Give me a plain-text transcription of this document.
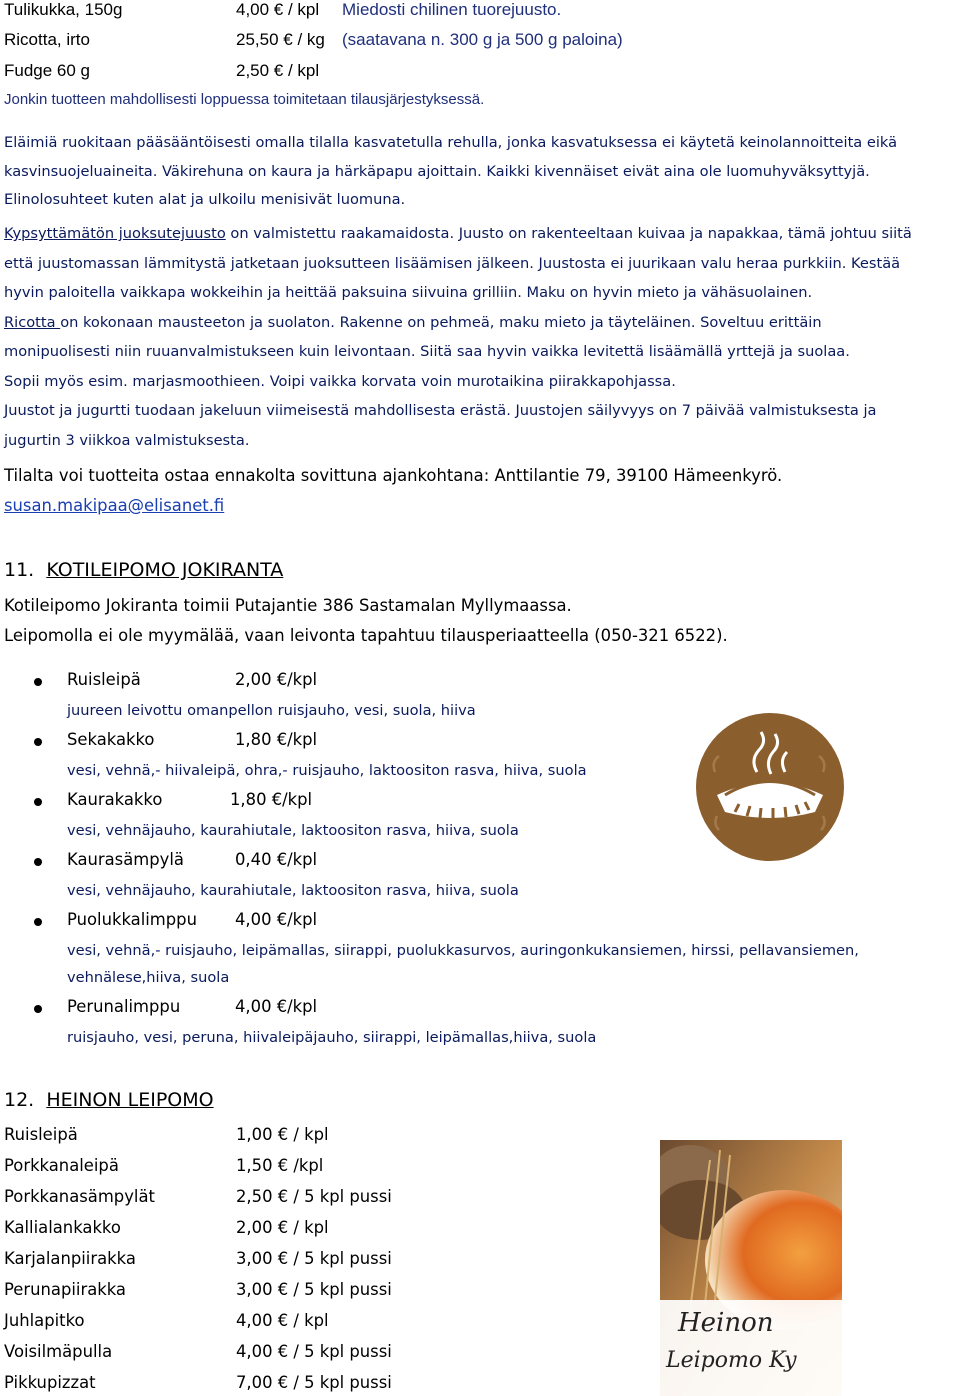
Tulikukka, 150g	4,00 € / kpl Miedosti chilinen tuorejuusto.
Ricotta, irto	25,50 € / kg (saatavana n. 300 g ja 500 g paloina)
Fudge 60 g	2,50 € / kpl
Jonkin tuotteen mahdollisesti loppuessa toimitetaan tilausjärjestyksessä.
Eläimiä ruokitaan pääsääntöisesti omalla tilalla kasvatetulla rehulla, jonka kasvatuksessa ei käytetä keinolannoitteita eikä
kasvinsuojeluaineita. Väkirehuna on kaura ja härkäpapu ajoittain. Kaikki kivennäiset eivät aina ole luomuhyväksyttyjä.
Elinolosuhteet kuten alat ja ulkoilu menisivät luomuna.
Kypsyttämätön juoksutejuusto on valmistettu raakamaidosta. Juusto on rakenteeltaan kuivaa ja napakkaa, tämä johtuu siitä
että juustomassan lämmitystä jatketaan juoksutteen lisäämisen jälkeen. Juustosta ei juurikaan valu heraa purkkiin. Kestää
hyvin paloitella vaikkapa wokkeihin ja heittää paksuina siivuina grilliin. Maku on hyvin mieto ja vähäsuolainen.
Ricotta on kokonaan mausteeton ja suolaton. Rakenne on pehmeä, maku mieto ja täyteläinen. Soveltuu erittäin
monipuolisesti niin ruuanvalmistukseen kuin leivontaan. Siitä saa hyvin vaikka levitettä lisäämällä yrttejä ja suolaa.
Sopii myös esim. marjasmoothieen. Voipi vaikka korvata voin murotaikina piirakkapohjassa.
Juustot ja jugurtti tuodaan jakeluun viimeisestä mahdollisesta erästä. Juustojen säilyvyys on 7 päivää valmistuksesta ja
jugurtin 3 viikkoa valmistuksesta.
Tilalta voi tuotteita ostaa ennakolta sovittuna ajankohtana: Anttilantie 79, 39100 Hämeenkyrö.
susan.makipaa@elisanet.fi
11. KOTILEIPOMO JOKIRANTA
Kotileipomo Jokiranta toimii Putajantie 386 Sastamalan Myllymaassa.
Leipomolla ei ole myymälää, vaan leivonta tapahtuu tilausperiaatteella (050-321 6522).
Ruisleipä	2,00 €/kpl
juureen leivottu omanpellon ruisjauho, vesi, suola, hiiva
Sekakakko	1,80 €/kpl
vesi, vehnä,- hiivaleipä, ohra,- ruisjauho, laktoositon rasva, hiiva, suola
Kaurakakko	1,80 €/kpl
vesi, vehnäjauho, kaurahiutale, laktoositon rasva, hiiva, suola
Kaurasämpylä	0,40 €/kpl
vesi, vehnäjauho, kaurahiutale, laktoositon rasva, hiiva, suola
Puolukkalimppu 4,00 €/kpl
vesi, vehnä,- ruisjauho, leipämallas, siirappi, puolukkasurvos, auringonkukansiemen, hirssi, pellavansiemen,
vehnälese,hiiva, suola
Perunalimppu	4,00 €/kpl
ruisjauho, vesi, peruna, hiivaleipäjauho, siirappi, leipämallas,hiiva, suola
12. HEINON LEIPOMO
Ruisleipä	1,00 € / kpl
Porkkanaleipä	1,50 € /kpl
Porkkanasämpylät	2,50 € / 5 kpl pussi
Kallialankakko	2,00 € / kpl
Karjalanpiirakka	3,00 € / 5 kpl pussi
Perunapiirakka	3,00 € / 5 kpl pussi
Juhlapitko	4,00 € / kpl
Voisilmäpulla	4,00 € / 5 kpl pussi
Pikkupizzat	7,00 € / 5 kpl pussi
Heinon
Leipomo Ky
